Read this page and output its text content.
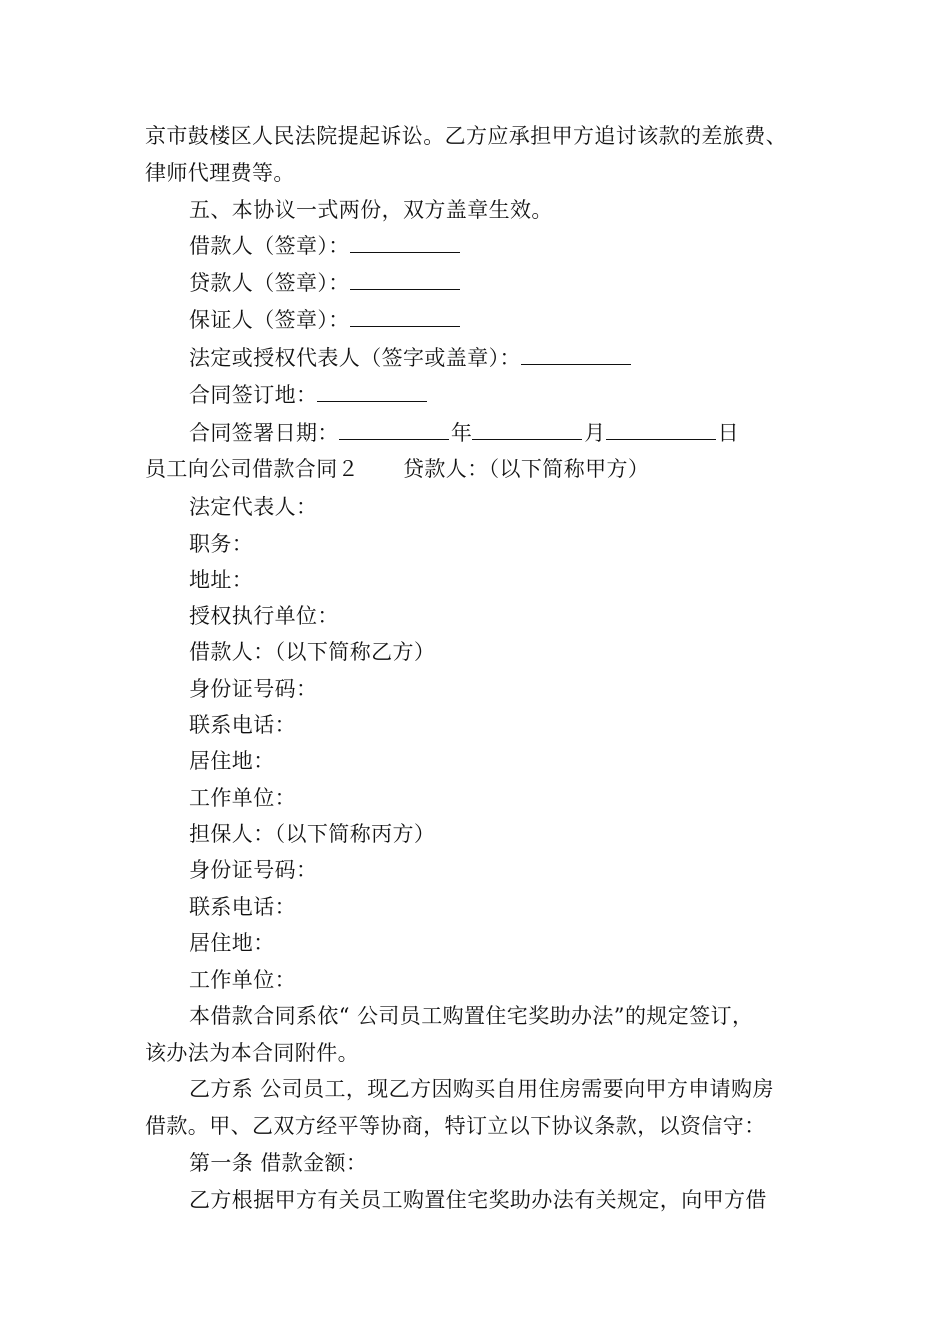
京市鼓楼区人民法院提起诉讼。乙方应承担甲方追讨该款的差旅费、
律师代理费等。
五、本协议一式两份，双方盖章生效。
借款人（签章）：
贷款人（签章）：
保证人（签章）：
法定或授权代表人（签字或盖章）：
合同签订地：
合同签署日期：	年	月	日
员工向公司借款合同２ 贷款人：（以下简称甲方）
法定代表人：
职务：
地址：
授权执行单位：
借款人：（以下简称乙方）
身份证号码：
联系电话：
居住地：
工作单位：
担保人：（以下简称丙方）
身份证号码：
联系电话：
居住地：
工作单位：
本借款合同系依“ 公司员工购置住宅奖助办法”的规定签订，
该办法为本合同附件。
乙方系 公司员工，现乙方因购买自用住房需要向甲方申请购房
借款。甲、乙双方经平等协商，特订立以下协议条款，以资信守：
第一条 借款金额：
乙方根据甲方有关员工购置住宅奖助办法有关规定，向甲方借
